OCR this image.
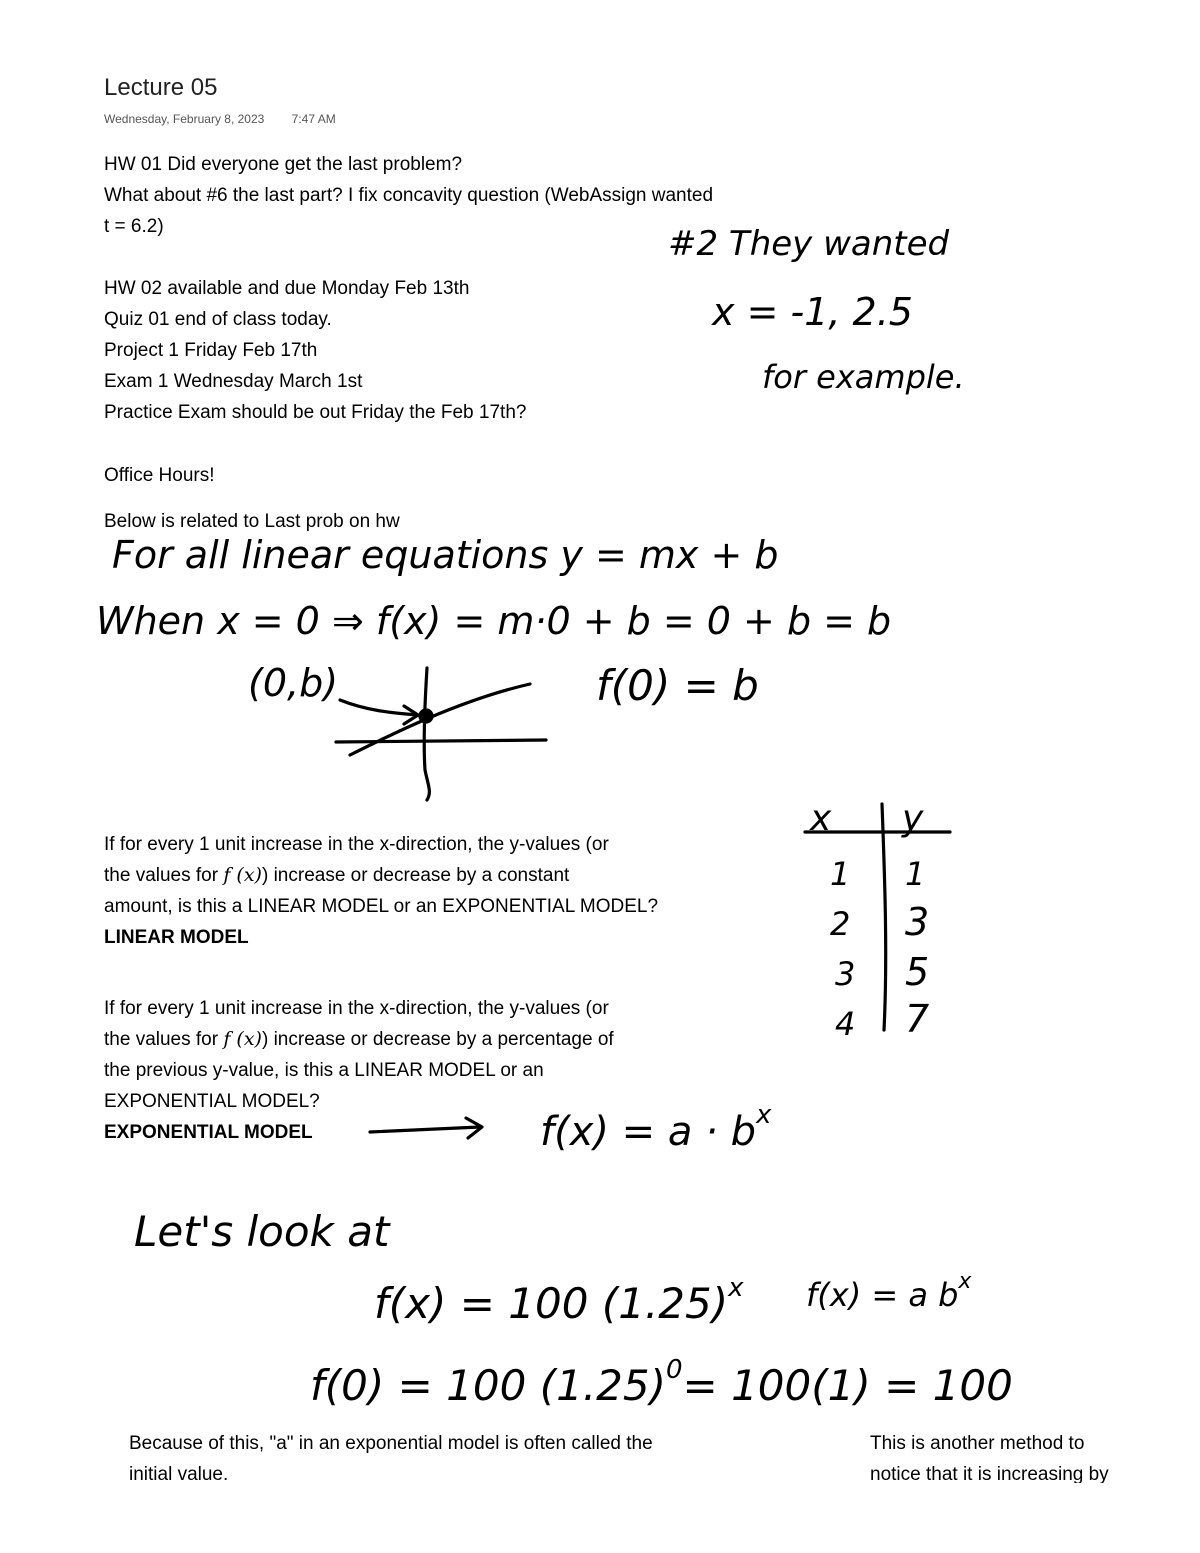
Lecture 05
Wednesday, February 8, 2023 7:47 AM

HW 01 Did everyone get the last problem?

What about #6 the last part? I fix concavity question (WebAssign wanted

t = 6.2)

HW 02 available and due Monday Feb 13th

Quiz 01 end of class today.

Project 1 Friday Feb 17th

Exam 1 Wednesday March 1st

Practice Exam should be out Friday the Feb 17th?

Office Hours!
Below is related to Last prob on hw

If for every 1 unit increase in the x-direction, the y-values (or

the values for f (x)) increase or decrease by a constant

amount, is this a LINEAR MODEL or an EXPONENTIAL MODEL?

LINEAR MODEL

If for every 1 unit increase in the x-direction, the y-values (or

the values for f (x)) increase or decrease by a percentage of

the previous y-value, is this a LINEAR MODEL or an

EXPONENTIAL MODEL?

EXPONENTIAL MODEL

Because of this, "a" in an exponential model is often called the

initial value.

This is another method to

notice that it is increasing by

#2 They wanted
x = -1, 2.5
for example.
For all linear equations y = mx + b
When x = 0 ⇒ f(x) = m·0 + b = 0 + b = b
(0,b)	f(0) = b
x y
1 1
2 3
3 5
4 7
$f(x) = a \cdot b^x$
Let's look at
f(x) = 100 $(1.25)^x$ f(x) = a $b^x$
f(0) = 100 $(1.25)^0= 100(1) = 100$
